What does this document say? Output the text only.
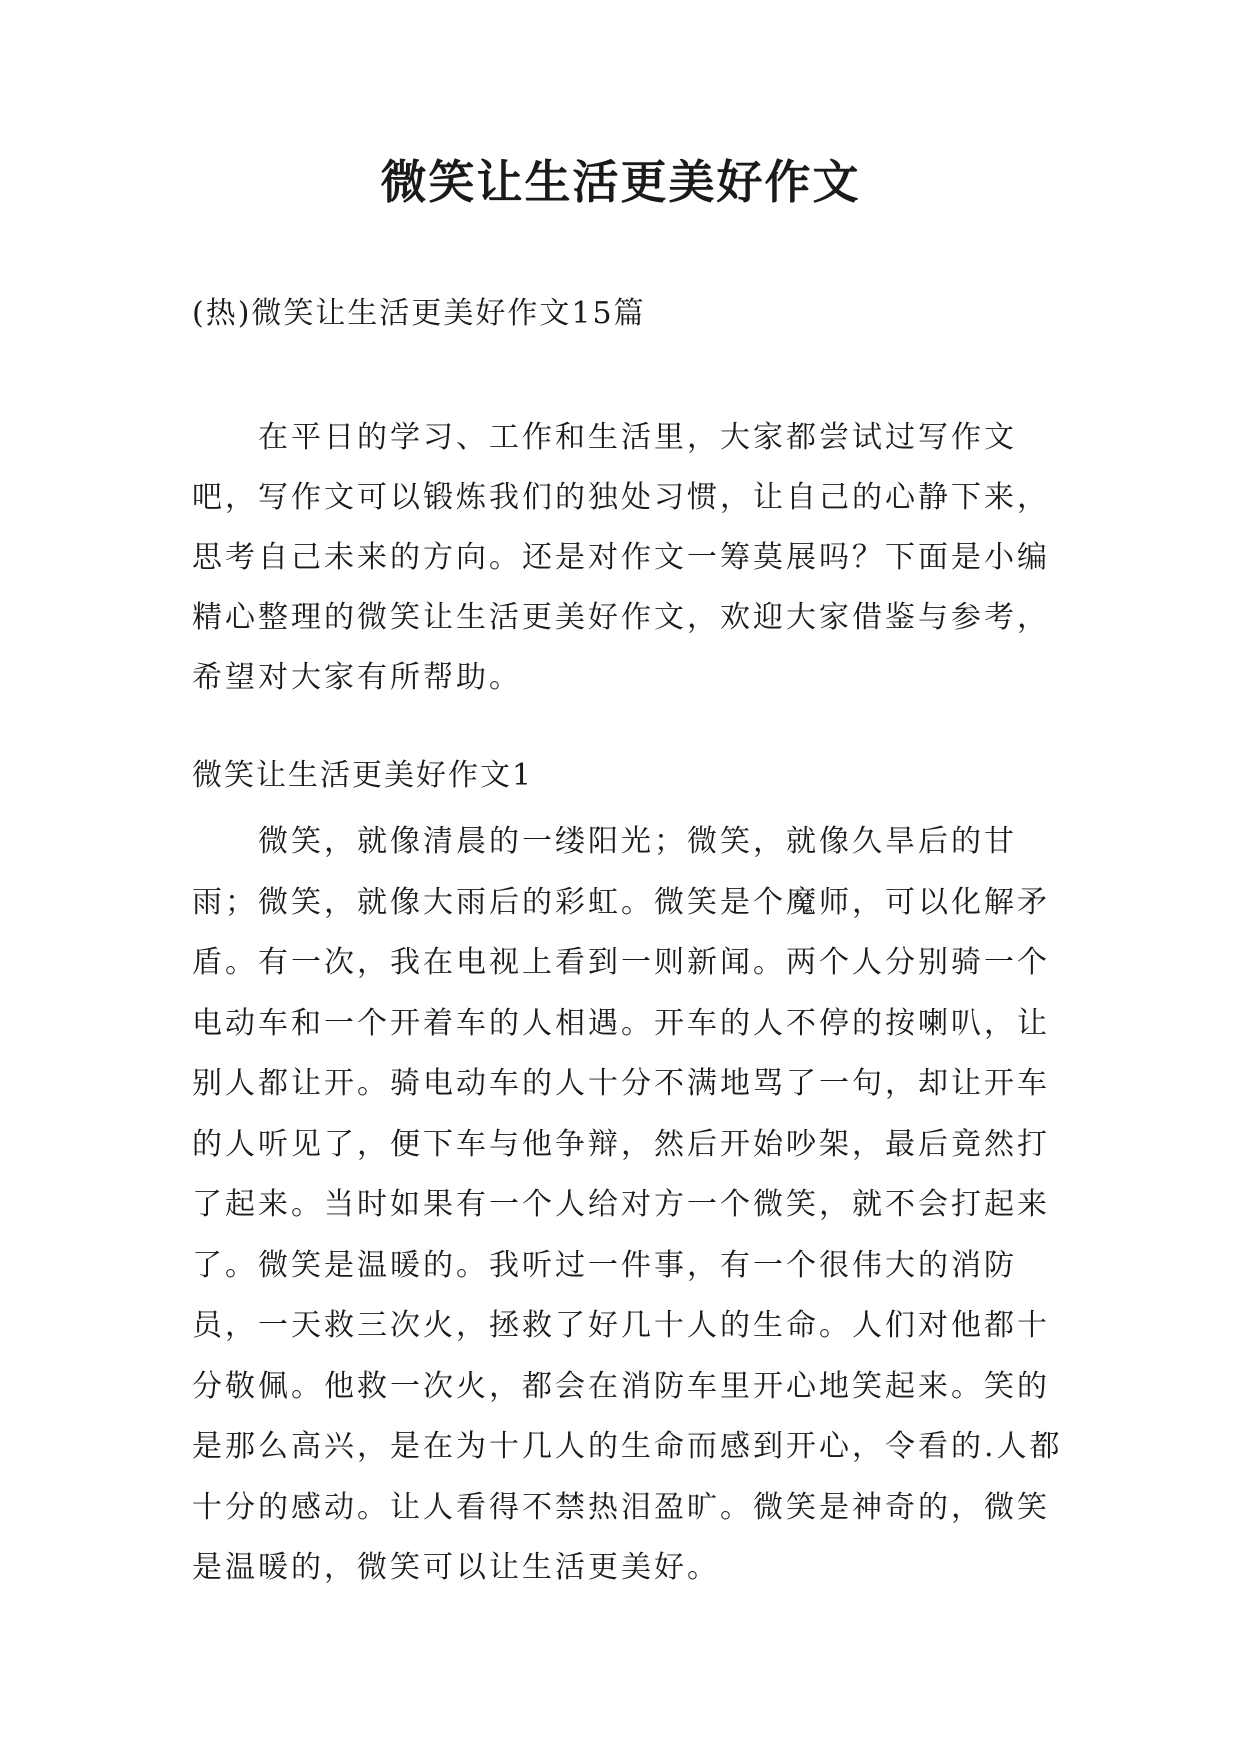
微笑让生活更美好作文

(热)微笑让生活更美好作文15篇

在平日的学习、工作和生活里，大家都尝试过写作文吧，写作文可以锻炼我们的独处习惯，让自己的心静下来，思考自己未来的方向。还是对作文一筹莫展吗？下面是小编精心整理的微笑让生活更美好作文，欢迎大家借鉴与参考，希望对大家有所帮助。

微笑让生活更美好作文1

微笑，就像清晨的一缕阳光；微笑，就像久旱后的甘雨；微笑，就像大雨后的彩虹。微笑是个魔师，可以化解矛盾。有一次，我在电视上看到一则新闻。两个人分别骑一个电动车和一个开着车的人相遇。开车的人不停的按喇叭，让别人都让开。骑电动车的人十分不满地骂了一句，却让开车的人听见了，便下车与他争辩，然后开始吵架，最后竟然打了起来。当时如果有一个人给对方一个微笑，就不会打起来了。微笑是温暖的。我听过一件事，有一个很伟大的消防员，一天救三次火，拯救了好几十人的生命。人们对他都十分敬佩。他救一次火，都会在消防车里开心地笑起来。笑的是那么高兴，是在为十几人的生命而感到开心，令看的.人都十分的感动。让人看得不禁热泪盈旷。微笑是神奇的，微笑是温暖的，微笑可以让生活更美好。
